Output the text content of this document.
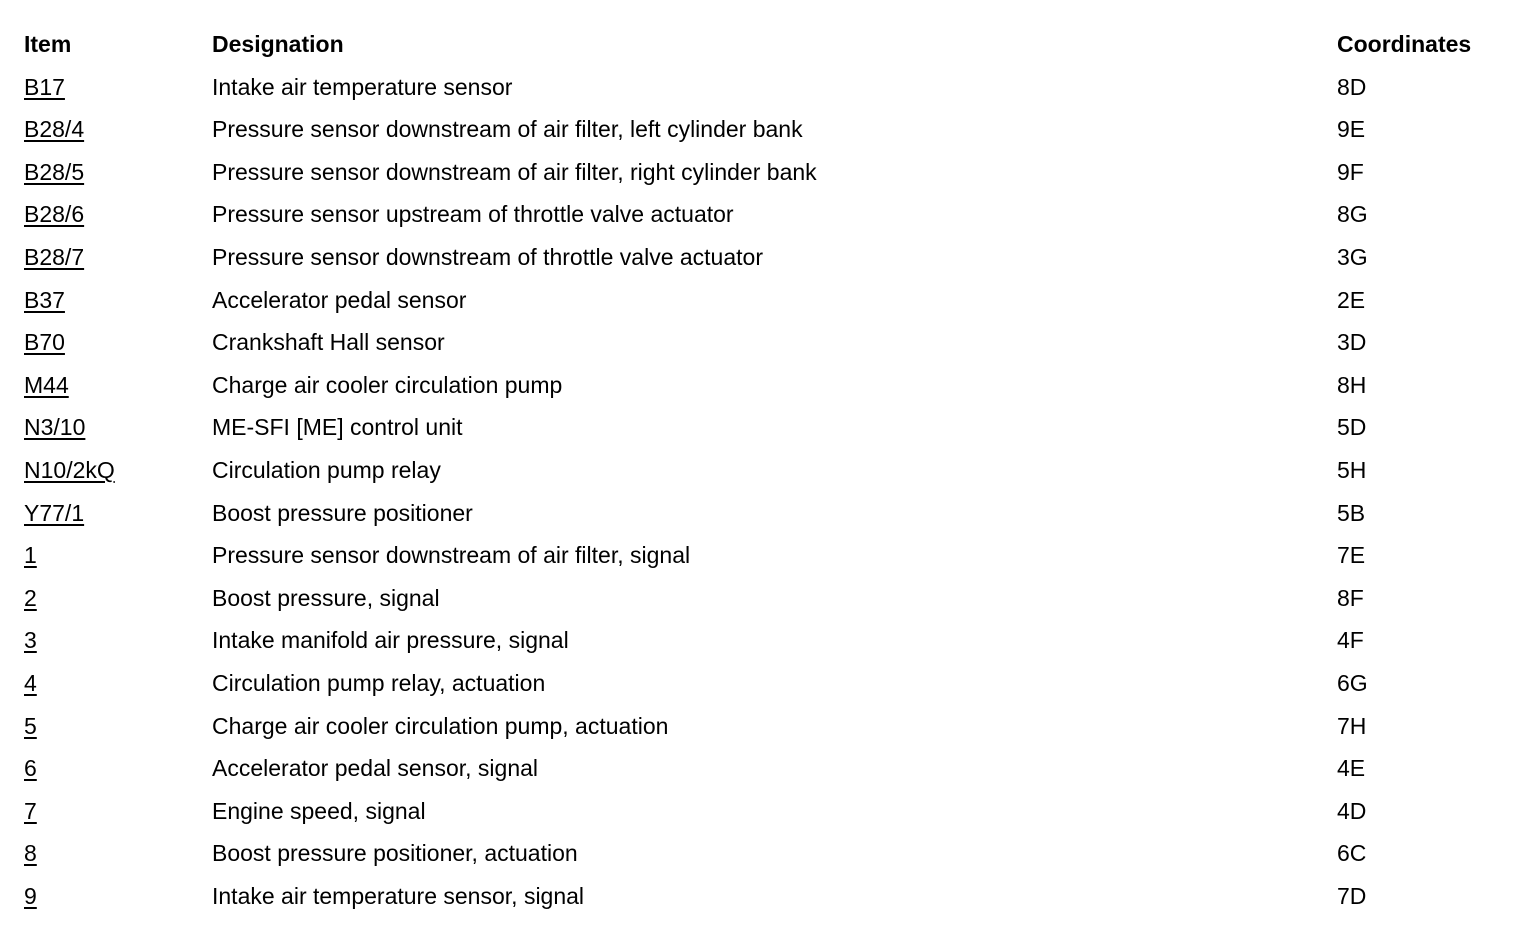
Item	Designation	Coordinates
B17	Intake air temperature sensor	8D
B28/4	Pressure sensor downstream of air filter, left cylinder bank	9E
B28/5	Pressure sensor downstream of air filter, right cylinder bank	9F
B28/6	Pressure sensor upstream of throttle valve actuator	8G
B28/7	Pressure sensor downstream of throttle valve actuator	3G
B37	Accelerator pedal sensor	2E
B70	Crankshaft Hall sensor	3D
M44	Charge air cooler circulation pump	8H
N3/10	ME-SFI [ME] control unit	5D
N10/2kQ	Circulation pump relay	5H
Y77/1	Boost pressure positioner	5B
1	Pressure sensor downstream of air filter, signal	7E
2	Boost pressure, signal	8F
3	Intake manifold air pressure, signal	4F
4	Circulation pump relay, actuation	6G
5	Charge air cooler circulation pump, actuation	7H
6	Accelerator pedal sensor, signal	4E
7	Engine speed, signal	4D
8	Boost pressure positioner, actuation	6C
9	Intake air temperature sensor, signal	7D
